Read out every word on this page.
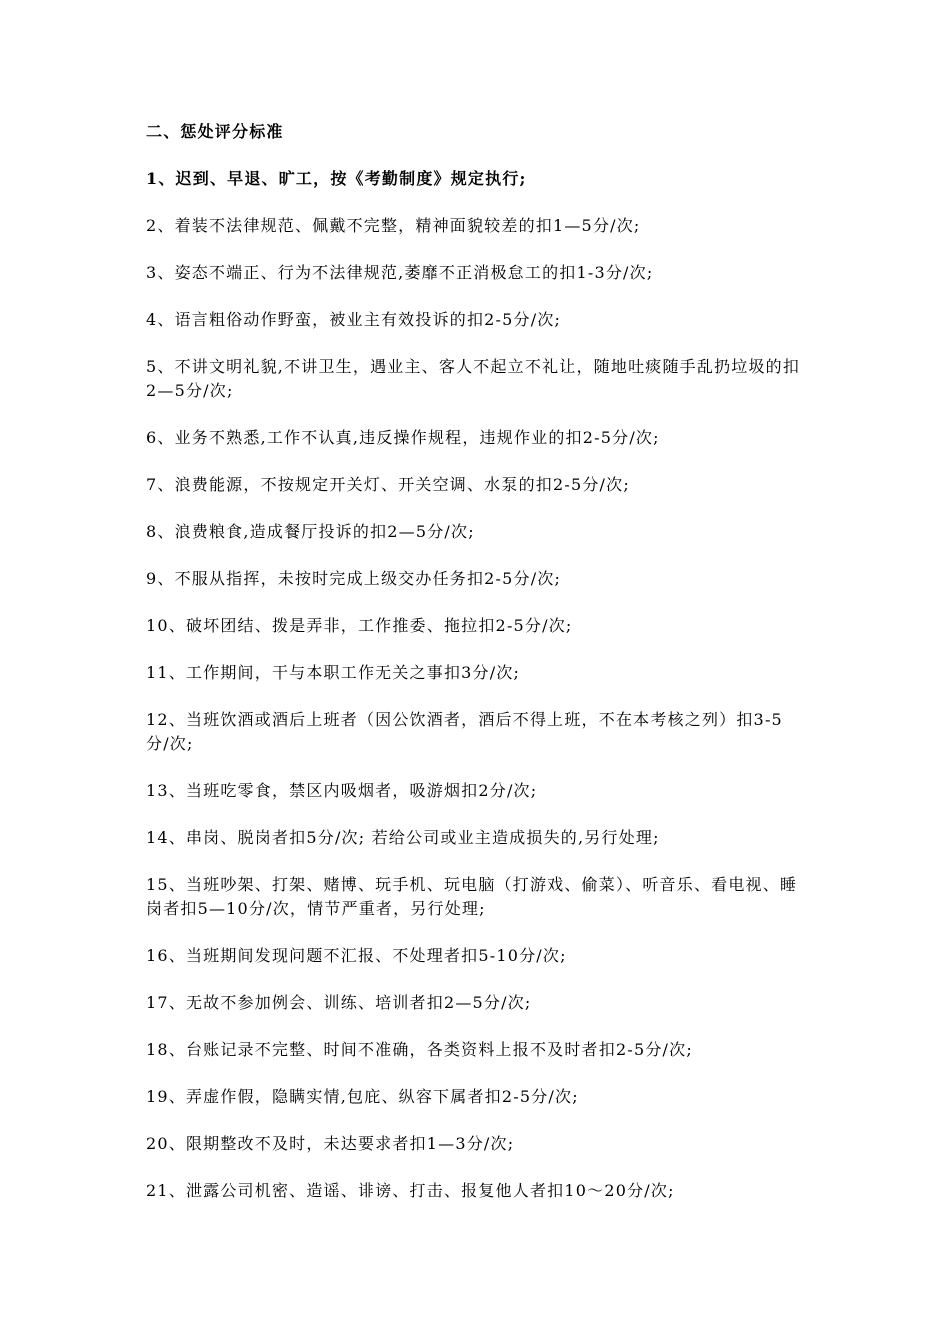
二、惩处评分标准
1、迟到、早退、旷工，按《考勤制度》规定执行;
2、着装不法律规范、佩戴不完整，精神面貌较差的扣1—5分/次;
3、姿态不端正、行为不法律规范,萎靡不正消极怠工的扣1-3分/次;
4、语言粗俗动作野蛮，被业主有效投诉的扣2-5分/次;
5、不讲文明礼貌,不讲卫生，遇业主、客人不起立不礼让，随地吐痰随手乱扔垃圾的扣2—5分/次;
6、业务不熟悉,工作不认真,违反操作规程，违规作业的扣2-5分/次;
7、浪费能源，不按规定开关灯、开关空调、水泵的扣2-5分/次;
8、浪费粮食,造成餐厅投诉的扣2—5分/次;
9、不服从指挥，未按时完成上级交办任务扣2-5分/次;
10、破坏团结、拨是弄非，工作推委、拖拉扣2-5分/次;
11、工作期间，干与本职工作无关之事扣3分/次;
12、当班饮酒或酒后上班者（因公饮酒者，酒后不得上班，不在本考核之列）扣3-5分/次;
13、当班吃零食，禁区内吸烟者，吸游烟扣2分/次;
14、串岗、脱岗者扣5分/次; 若给公司或业主造成损失的,另行处理;
15、当班吵架、打架、赌博、玩手机、玩电脑（打游戏、偷菜）、听音乐、看电视、睡岗者扣5—10分/次，情节严重者，另行处理;
16、当班期间发现问题不汇报、不处理者扣5-10分/次;
17、无故不参加例会、训练、培训者扣2—5分/次;
18、台账记录不完整、时间不准确，各类资料上报不及时者扣2-5分/次;
19、弄虚作假，隐瞒实情,包庇、纵容下属者扣2-5分/次;
20、限期整改不及时，未达要求者扣1—3分/次;
21、泄露公司机密、造谣、诽谤、打击、报复他人者扣10～20分/次;
